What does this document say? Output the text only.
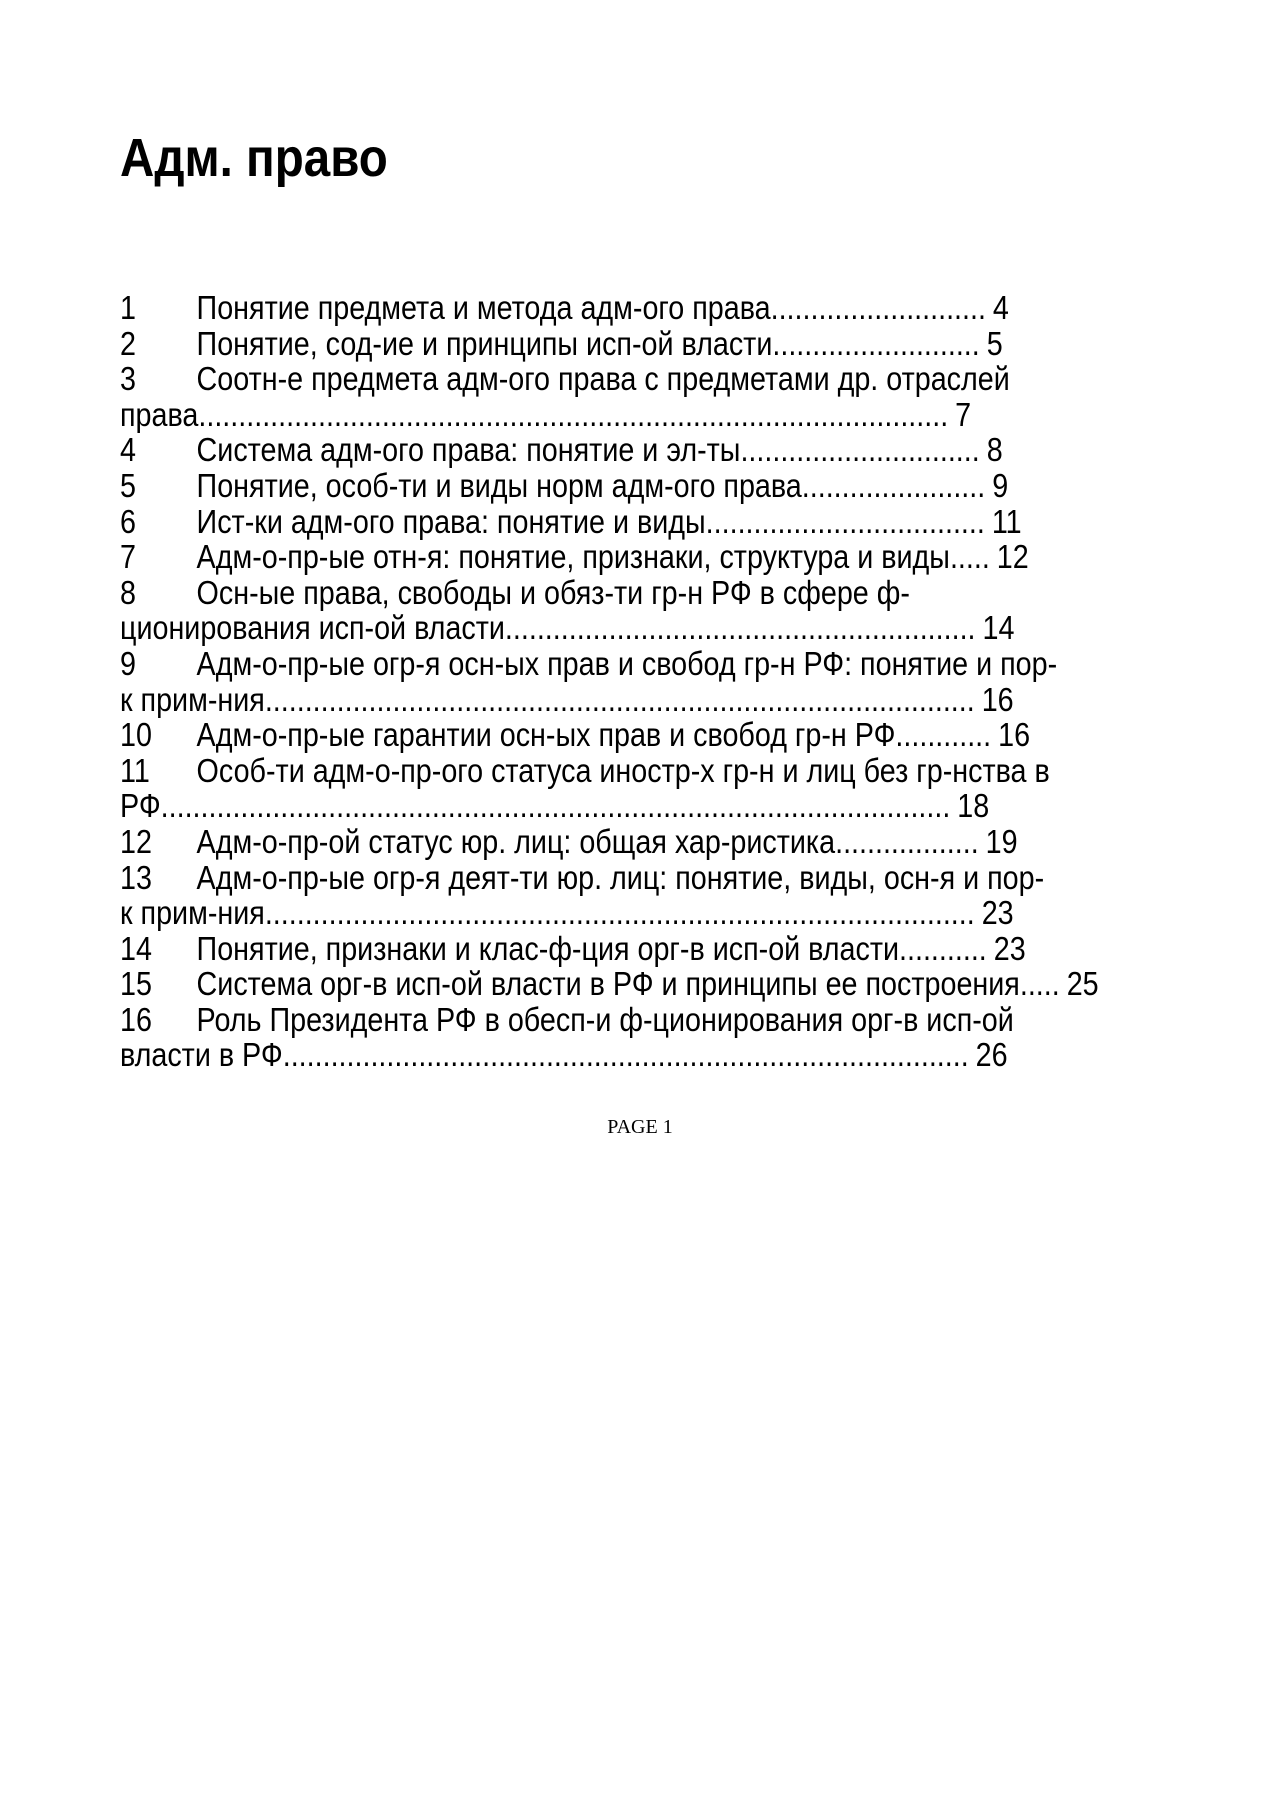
Адм. право
1 Понятие предмета и метода адм-ого права........................... 4
2 Понятие, сод-ие и принципы исп-ой власти.......................... 5
3 Соотн-е предмета адм-ого права с предметами др. отраслей
права.............................................................................................. 7
4 Система адм-ого права: понятие и эл-ты.............................. 8
5 Понятие, особ-ти и виды норм адм-ого права....................... 9
6 Ист-ки адм-ого права: понятие и виды................................... 11
7 Адм-о-пр-ые отн-я: понятие, признаки, структура и виды..... 12
8 Осн-ые права, свободы и обяз-ти гр-н РФ в сфере ф-
ционирования исп-ой власти........................................................... 14
9 Адм-о-пр-ые огр-я осн-ых прав и свобод гр-н РФ: понятие и пор-
к прим-ния......................................................................................... 16
10 Адм-о-пр-ые гарантии осн-ых прав и свобод гр-н РФ............ 16
11 Особ-ти адм-о-пр-ого статуса иностр-х гр-н и лиц без гр-нства в
РФ................................................................................................... 18
12 Адм-о-пр-ой статус юр. лиц: общая хар-ристика.................. 19
13 Адм-о-пр-ые огр-я деят-ти юр. лиц: понятие, виды, осн-я и пор-
к прим-ния......................................................................................... 23
14 Понятие, признаки и клас-ф-ция орг-в исп-ой власти........... 23
15 Система орг-в исп-ой власти в РФ и принципы ее построения..... 25
16 Роль Президента РФ в обесп-и ф-ционирования орг-в исп-ой
власти в РФ...................................................................................... 26
PAGE 1
